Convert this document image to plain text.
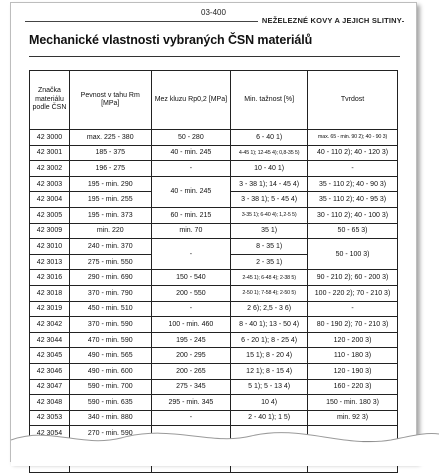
03-400
NEŽELEZNÉ KOVY A JEJICH SLITINY
Mechanické vlastnosti vybraných ČSN materiálů
Značka materiálu podle ČSN	Pevnost v tahu Rm [MPa]	Mez kluzu Rp0,2 [MPa]	Min. tažnost [%]	Tvrdost
42 3000	max. 225 - 380	50 - 280	6 - 40 1)	max. 65 - min. 90 2); 40 - 90 3)
42 3001	185 - 375	40 - min. 245	4-45 1); 12-45 4); 0,8-35 5)	40 - 110 2); 40 - 120 3)
42 3002	196 - 275	-	10 - 40 1)	-
42 3003	195 - min. 290	40 - min. 245	3 - 38 1); 14 - 45 4)	35 - 110 2); 40 - 90 3)
42 3004	195 - min. 255		3 - 38 1); 5 - 45 4)	35 - 110 2); 40 - 95 3)
42 3005	195 - min. 373	60 - min. 215	3-35 1); 6-40 4); 1,2-5 5)	30 - 110 2); 40 - 100 3)
42 3009	min. 220	min. 70	35 1)	50 - 65 3)
42 3010	240 - min. 370	-	8 - 35 1)	50 - 100 3)
42 3013	275 - min. 550		2 - 35 1)	
42 3016	290 - min. 690	150 - 540	2-45 1); 6-48 4); 2-38 5)	90 - 210 2); 60 - 200 3)
42 3018	370 - min. 790	200 - 550	2-50 1); 7-58 4); 2-50 5)	100 - 220 2); 70 - 210 3)
42 3019	450 - min. 510	-	2 6); 2,5 - 3 6)	-
42 3042	370 - min. 590	100 - min. 460	8 - 40 1); 13 - 50 4)	80 - 190 2); 70 - 210 3)
42 3044	470 - min. 590	195 - 245	6 - 20 1); 8 - 25 4)	120 - 200 3)
42 3045	490 - min. 565	200 - 295	15 1); 8 - 20 4)	110 - 180 3)
42 3046	490 - min. 600	200 - 265	12 1); 8 - 15 4)	120 - 190 3)
42 3047	590 - min. 700	275 - 345	5 1); 5 - 13 4)	160 - 220 3)
42 3048	590 - min. 635	295 - min. 345	10 4)	150 - min. 180 3)
42 3053	340 - min. 880	-	2 - 40 1); 1 5)	min. 92 3)
42 3054	270 - min. 590			
